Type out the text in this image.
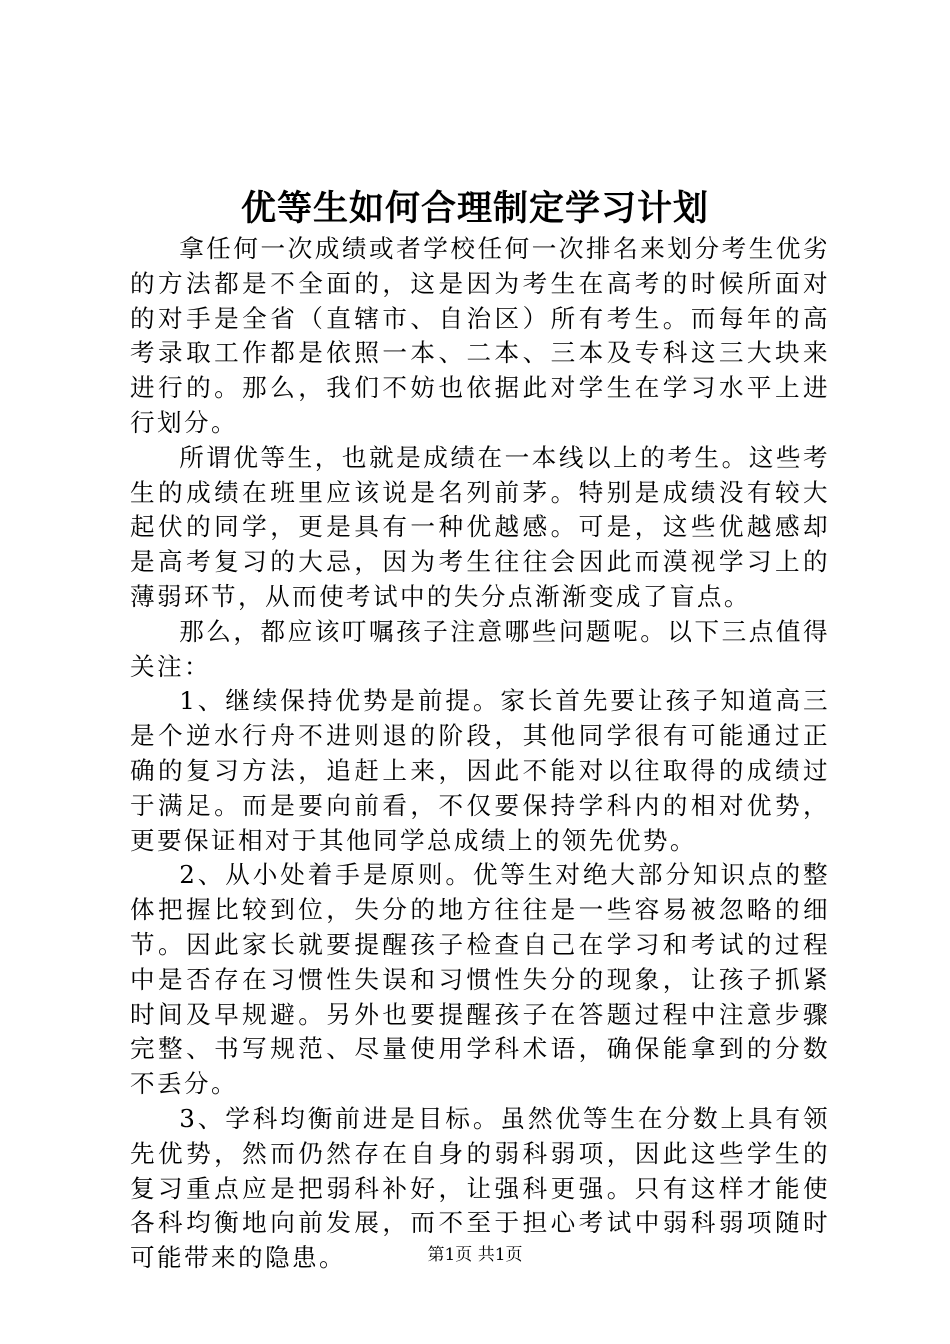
优等生如何合理制定学习计划

拿任何一次成绩或者学校任何一次排名来划分考生优劣的方法都是不全面的，这是因为考生在高考的时候所面对的对手是全省（直辖市、自治区）所有考生。而每年的高考录取工作都是依照一本、二本、三本及专科这三大块来进行的。那么，我们不妨也依据此对学生在学习水平上进行划分。

所谓优等生，也就是成绩在一本线以上的考生。这些考生的成绩在班里应该说是名列前茅。特别是成绩没有较大起伏的同学，更是具有一种优越感。可是，这些优越感却是高考复习的大忌，因为考生往往会因此而漠视学习上的薄弱环节，从而使考试中的失分点渐渐变成了盲点。

那么，都应该叮嘱孩子注意哪些问题呢。以下三点值得关注：

1、继续保持优势是前提。家长首先要让孩子知道高三是个逆水行舟不进则退的阶段，其他同学很有可能通过正确的复习方法，追赶上来，因此不能对以往取得的成绩过于满足。而是要向前看，不仅要保持学科内的相对优势，更要保证相对于其他同学总成绩上的领先优势。

2、从小处着手是原则。优等生对绝大部分知识点的整体把握比较到位，失分的地方往往是一些容易被忽略的细节。因此家长就要提醒孩子检查自己在学习和考试的过程中是否存在习惯性失误和习惯性失分的现象，让孩子抓紧时间及早规避。另外也要提醒孩子在答题过程中注意步骤完整、书写规范、尽量使用学科术语，确保能拿到的分数不丢分。

3、学科均衡前进是目标。虽然优等生在分数上具有领先优势，然而仍然存在自身的弱科弱项，因此这些学生的复习重点应是把弱科补好，让强科更强。只有这样才能使各科均衡地向前发展，而不至于担心考试中弱科弱项随时可能带来的隐患。	第1页 共1页
